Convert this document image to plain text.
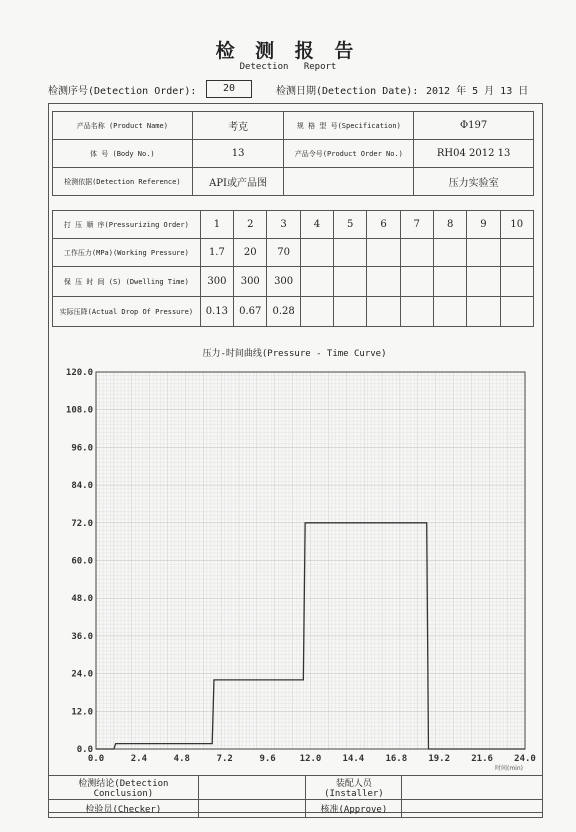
检 测 报 告
Detection Report
检测序号(Detection Order):	20	检测日期(Detection Date): 2012 年 5 月 13 日
产品名称 (Product Name)	考克	规 格 型 号(Specification)	Φ197
体 号 (Body No.)	13	产品令号(Product Order No.)	RH04 2012 13
检测依据(Detection Reference)	API或产品图		压力实验室
打 压 顺 序(Pressurizing Order)	1	2	3	4	5	6	7	8	9	10
工作压力(MPa)(Working Pressure)	1.7	20	70							
保 压 时 间 (S) (Dwelling Time)	300	300	300							
实际压降(Actual Drop Of Pressure)	0.13	0.67	0.28							
压力-时间曲线(Pressure - Time Curve)
0.0
12.0
24.0
36.0
48.0
60.0
72.0
84.0
96.0
108.0
120.0
0.0	2.4	4.8	7.2	9.6	12.0 14.4 16.8 19.2 21.6 24.0
时间(min)
检测结论(Detection Conclusion)		装配人员(Installer)	
检验员(Checker)		核准(Approve)	
